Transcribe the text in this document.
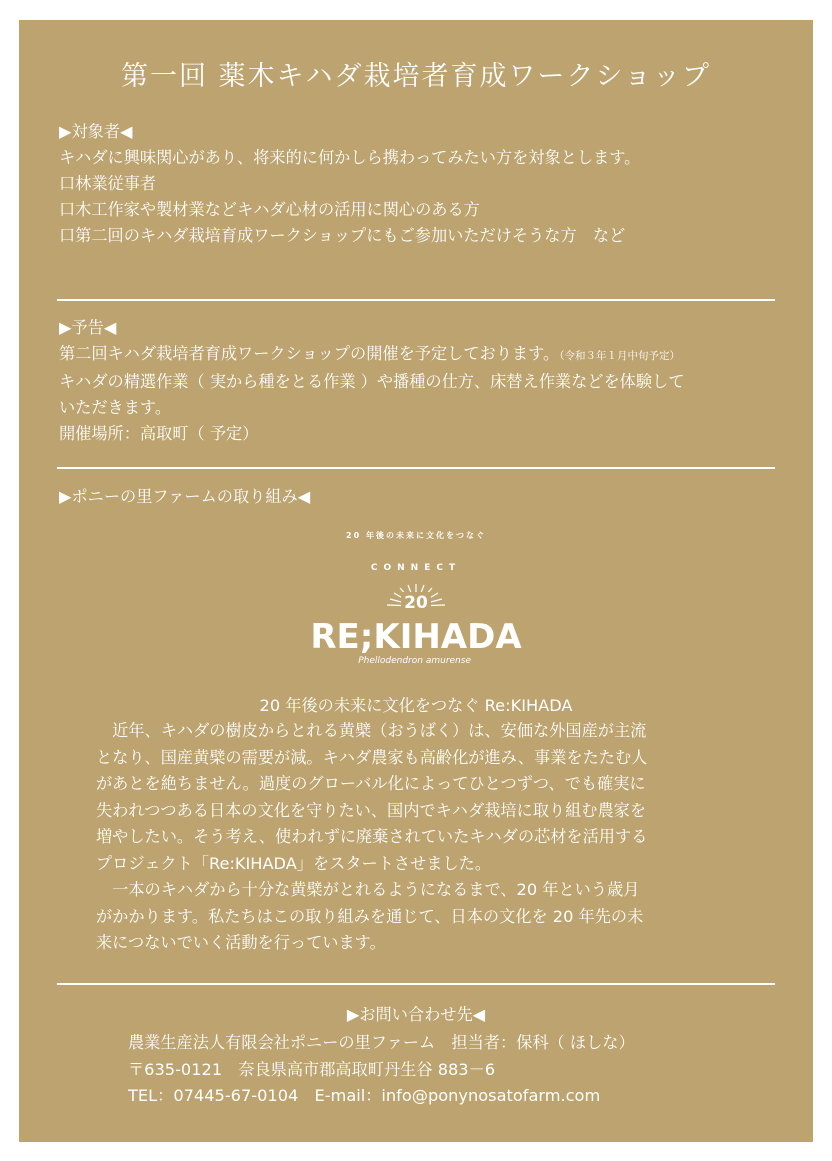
第一回 薬木キハダ栽培者育成ワークショップ
▶対象者◀
キハダに興味関心があり、将来的に何かしら携わってみたい方を対象とします。
口林業従事者
口木工作家や製材業などキハダ心材の活用に関心のある方
口第二回のキハダ栽培育成ワークショップにもご参加いただけそうな方　など
▶予告◀
第二回キハダ栽培者育成ワークショップの開催を予定しております。（令和３年１月中旬予定）
キハダの精選作業（ 実から種をとる作業 ）や播種の仕方、床替え作業などを体験して
いただきます。
開催場所：高取町（ 予定）
▶ポニーの里ファームの取り組み◀
20 年後の未来に文化をつなぐ
CONNECT
20
RE;KIHADA
Phellodendron amurense
20 年後の未来に文化をつなぐ Re:KIHADA
　近年、キハダの樹皮からとれる黄檗（おうばく）は、安価な外国産が主流
となり、国産黄檗の需要が減。キハダ農家も高齢化が進み、事業をたたむ人
があとを絶ちません。過度のグローバル化によってひとつずつ、でも確実に
失われつつある日本の文化を守りたい、国内でキハダ栽培に取り組む農家を
増やしたい。そう考え、使われずに廃棄されていたキハダの芯材を活用する
プロジェクト「Re:KIHADA」をスタートさせました。
　一本のキハダから十分な黄檗がとれるようになるまで、20 年という歳月
がかかります。私たちはこの取り組みを通じて、日本の文化を 20 年先の未
来につないでいく活動を行っています。
▶お問い合わせ先◀
農業生産法人有限会社ポニーの里ファーム　担当者：保科（ ほしな）
〒635-0121　奈良県高市郡高取町丹生谷 883－6
TEL：07445-67-0104　E-mail：info@ponynosatofarm.com
